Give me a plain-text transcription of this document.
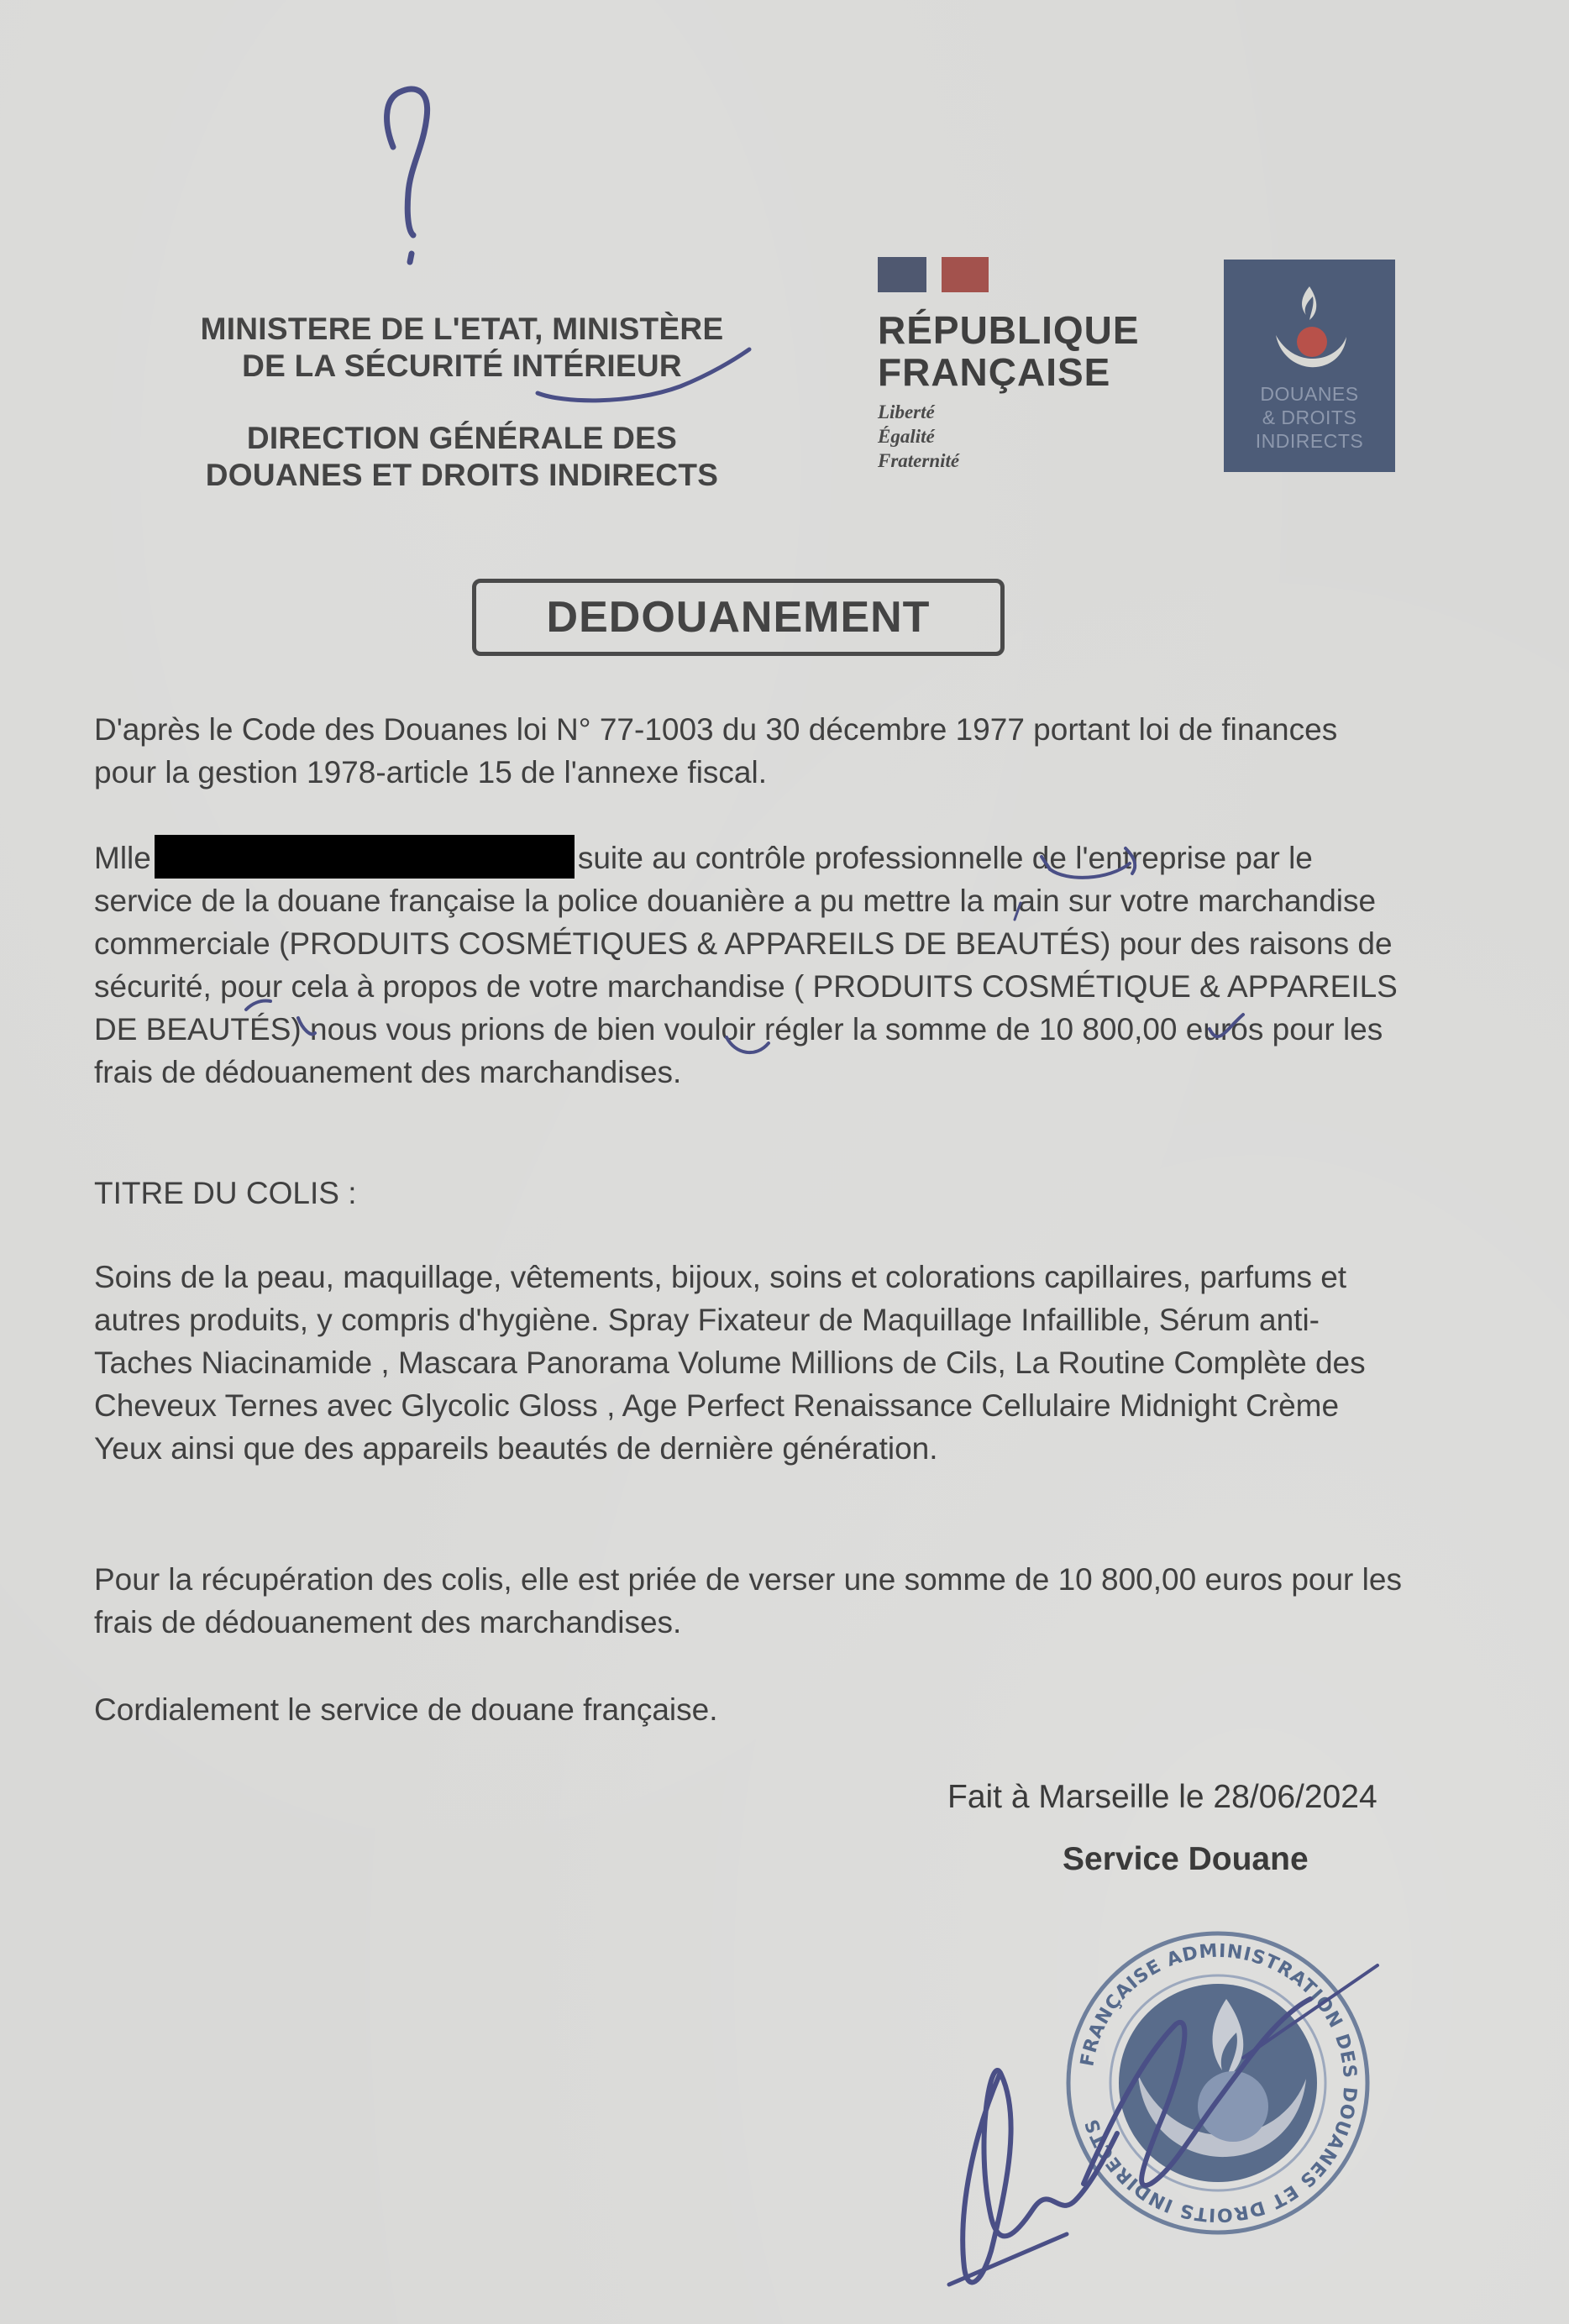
MINISTERE DE L'ETAT, MINISTÈRE
DE LA SÉCURITÉ INTÉRIEUR
DIRECTION GÉNÉRALE DES
DOUANES ET DROITS INDIRECTS
RÉPUBLIQUE
FRANÇAISE
Liberté
Égalité
Fraternité
DOUANES
& DROITS
INDIRECTS
DEDOUANEMENT
D'après le Code des Douanes loi N° 77-1003 du 30 décembre 1977 portant loi de finances pour la gestion 1978-article 15 de l'annexe fiscal.
Mlle	suite au contrôle professionnelle de l'entreprise par le service de la douane française la police douanière a pu mettre la main sur votre marchandise commerciale (PRODUITS COSMÉTIQUES & APPAREILS DE BEAUTÉS) pour des raisons de sécurité, pour cela à propos de votre marchandise ( PRODUITS COSMÉTIQUE & APPAREILS DE BEAUTÉS) nous vous prions de bien vouloir régler la somme de 10 800,00 euros pour les frais de dédouanement des marchandises.
TITRE DU COLIS :
Soins de la peau, maquillage, vêtements, bijoux, soins et colorations capillaires, parfums et autres produits, y compris d'hygiène. Spray Fixateur de Maquillage Infaillible, Sérum anti-Taches Niacinamide , Mascara Panorama Volume Millions de Cils, La Routine Complète des Cheveux Ternes avec Glycolic Gloss , Age Perfect Renaissance Cellulaire Midnight Crème Yeux ainsi que des appareils beautés de dernière génération.
Pour la récupération des colis, elle est priée de verser une somme de 10 800,00 euros pour les frais de dédouanement des marchandises.
Cordialement le service de douane française.
Fait à Marseille le 28/06/2024
Service Douane
FRANÇAISE ADMINISTRATION DES DOUANES ET DROITS INDIRECTS
